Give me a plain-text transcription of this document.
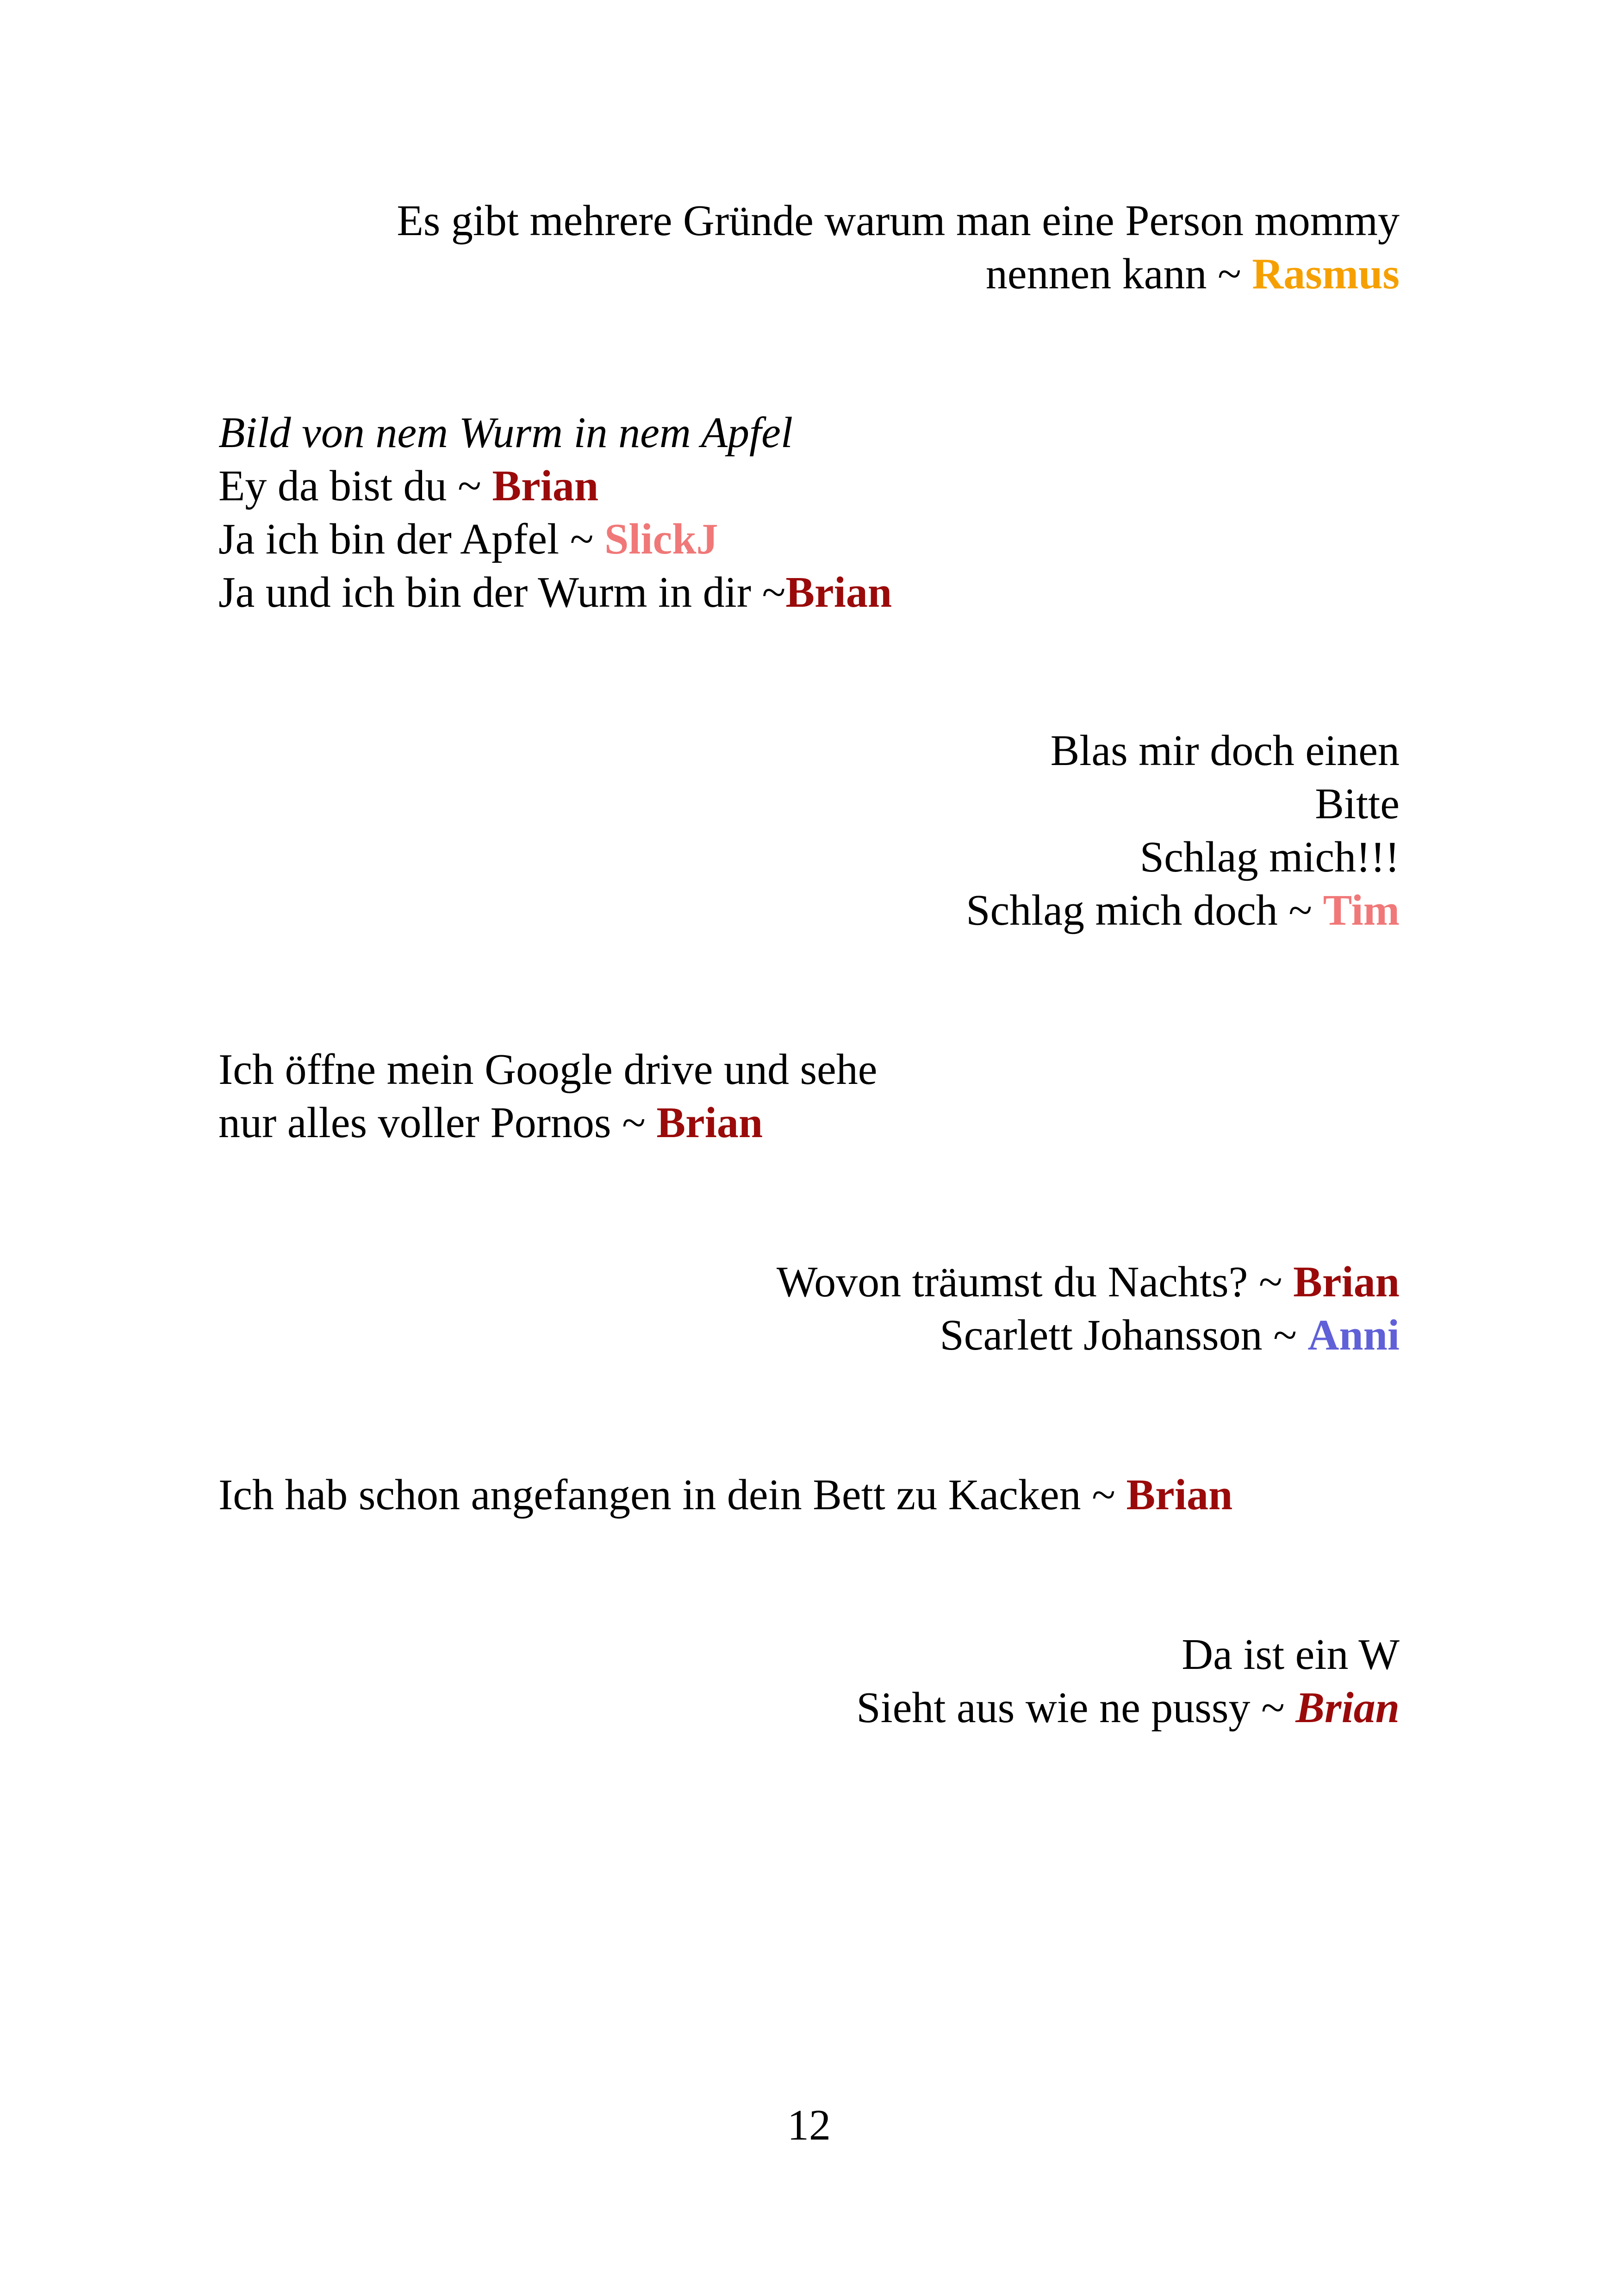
Es gibt mehrere Gründe warum man eine Person mommy
nennen kann ~ Rasmus
Bild von nem Wurm in nem Apfel
Ey da bist du ~ Brian
Ja ich bin der Apfel ~ SlickJ
Ja und ich bin der Wurm in dir ~Brian
Blas mir doch einen
Bitte
Schlag mich!!!
Schlag mich doch ~ Tim
Ich öffne mein Google drive und sehe
nur alles voller Pornos ~ Brian
Wovon träumst du Nachts? ~ Brian
Scarlett Johansson ~ Anni
Ich hab schon angefangen in dein Bett zu Kacken ~ Brian
Da ist ein W
Sieht aus wie ne pussy ~ Brian
12
